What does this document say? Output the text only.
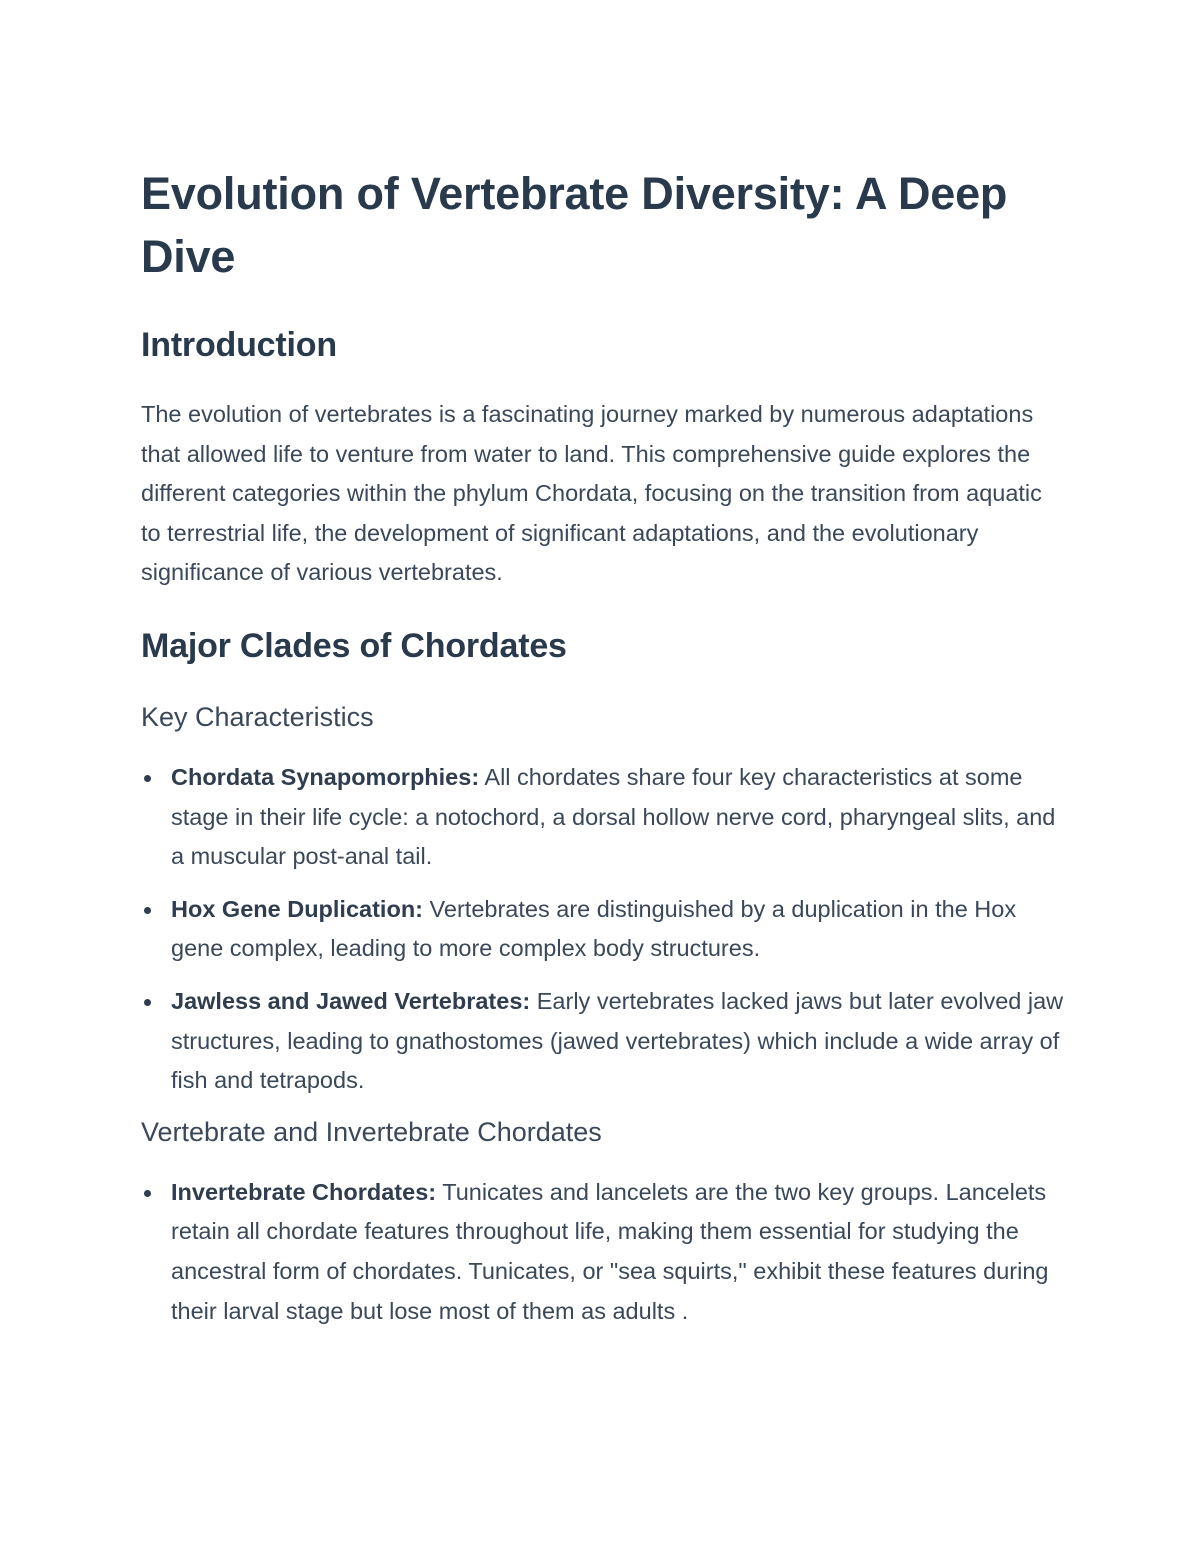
Evolution of Vertebrate Diversity: A Deep Dive
Introduction

The evolution of vertebrates is a fascinating journey marked by numerous adaptations that allowed life to venture from water to land. This comprehensive guide explores the different categories within the phylum Chordata, focusing on the transition from aquatic to terrestrial life, the development of significant adaptations, and the evolutionary significance of various vertebrates.

Major Clades of Chordates
Key Characteristics
Chordata Synapomorphies: All chordates share four key characteristics at some stage in their life cycle: a notochord, a dorsal hollow nerve cord, pharyngeal slits, and a muscular post-anal tail.
Hox Gene Duplication: Vertebrates are distinguished by a duplication in the Hox gene complex, leading to more complex body structures.
Jawless and Jawed Vertebrates: Early vertebrates lacked jaws but later evolved jaw structures, leading to gnathostomes (jawed vertebrates) which include a wide array of fish and tetrapods.
Vertebrate and Invertebrate Chordates
Invertebrate Chordates: Tunicates and lancelets are the two key groups. Lancelets retain all chordate features throughout life, making them essential for studying the ancestral form of chordates. Tunicates, or "sea squirts," exhibit these features during their larval stage but lose most of them as adults .
